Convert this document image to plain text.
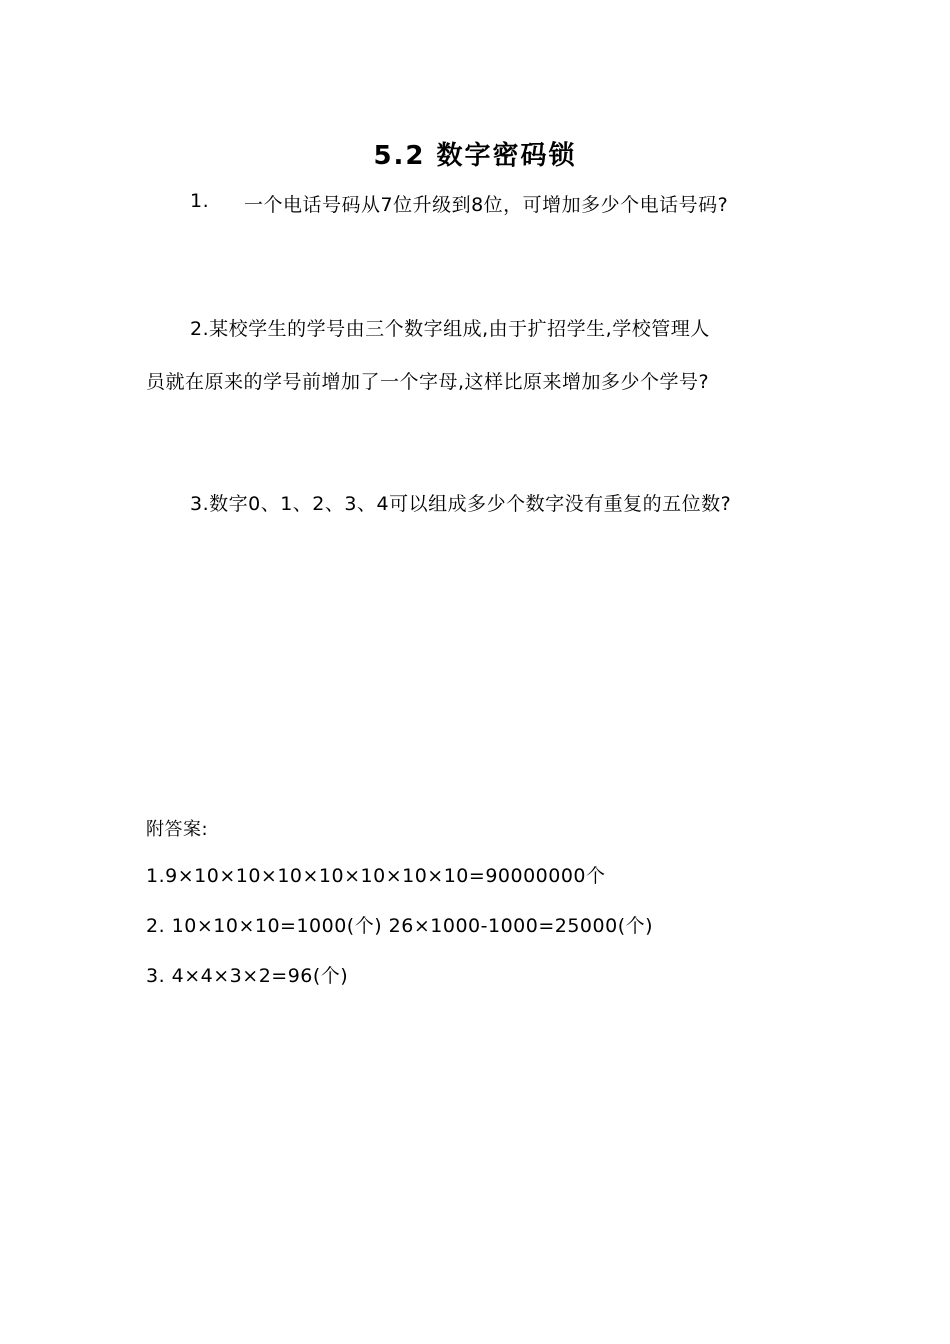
5.2 数字密码锁
1. 一个电话号码从7位升级到8位，可增加多少个电话号码?
2.某校学生的学号由三个数字组成,由于扩招学生,学校管理人
员就在原来的学号前增加了一个字母,这样比原来增加多少个学号?
3.数字0、1、2、3、4可以组成多少个数字没有重复的五位数?
附答案:
1.9×10×10×10×10×10×10×10=90000000个
2. 10×10×10=1000(个) 26×1000-1000=25000(个)
3. 4×4×3×2=96(个)
